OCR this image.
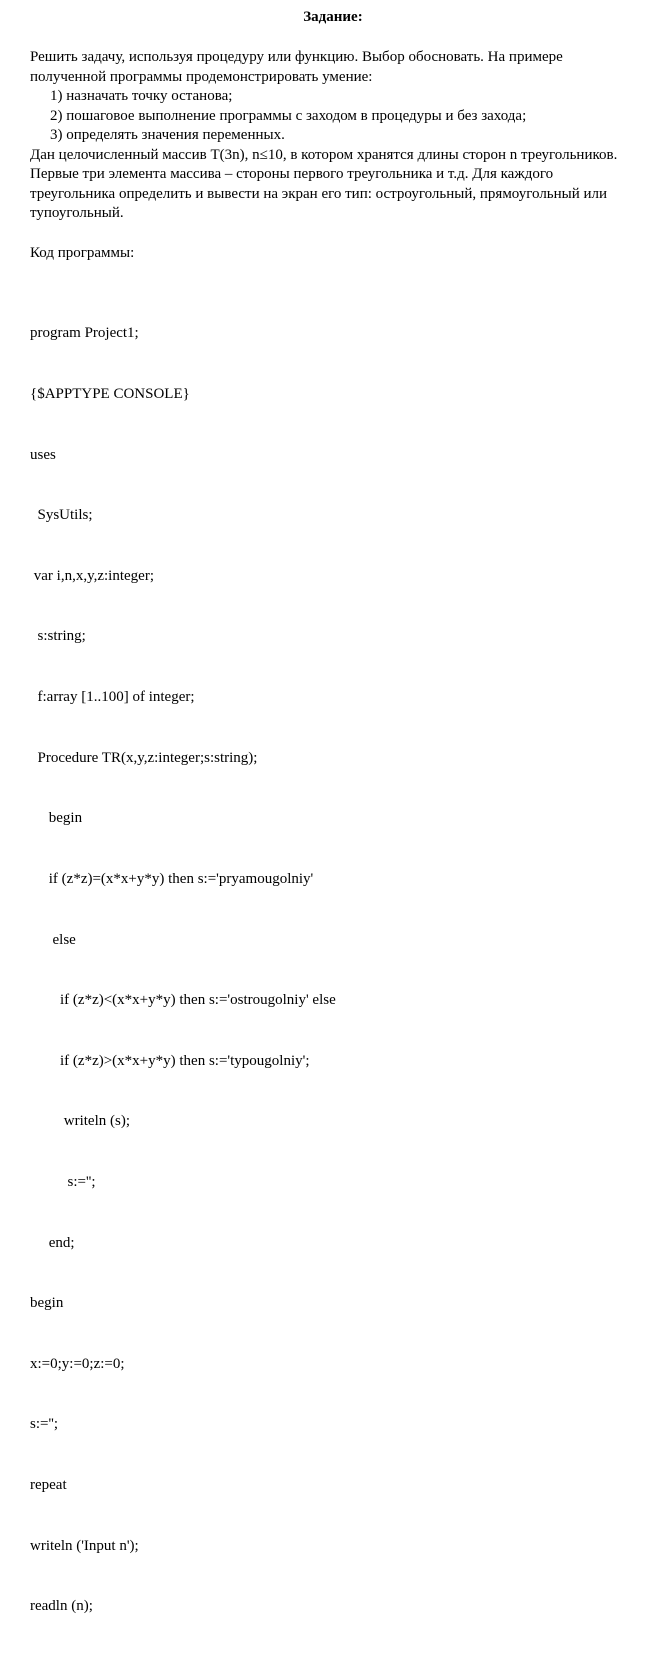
Задание:

Решить задачу, используя процедуру или функцию. Выбор обосновать. На примере полученной программы продемонстрировать умение:

1) назначать точку останова;
2) пошаговое выполнение программы с заходом в процедуры и без захода;
3) определять значения переменных.

Дан целочисленный массив T(3n), n≤10, в котором хранятся длины сторон n треугольников. Первые три элемента массива – стороны первого треугольника и т.д. Для каждого треугольника определить и вывести на экран его тип: остроугольный, прямоугольный или тупоугольный.

Код программы:

program Project1;

{$APPTYPE CONSOLE}

uses

SysUtils;

var i,n,x,y,z:integer;

s:string;

f:array [1..100] of integer;

Procedure TR(x,y,z:integer;s:string);

begin

if (z*z)=(x*x+y*y) then s:='pryamougolniy'

else

if (z*z)<(x*x+y*y) then s:='ostrougolniy' else

if (z*z)>(x*x+y*y) then s:='typougolniy';

writeln (s);

s:='';

end;

begin

x:=0;y:=0;z:=0;

s:='';

repeat

writeln ('Input n');

readln (n);
